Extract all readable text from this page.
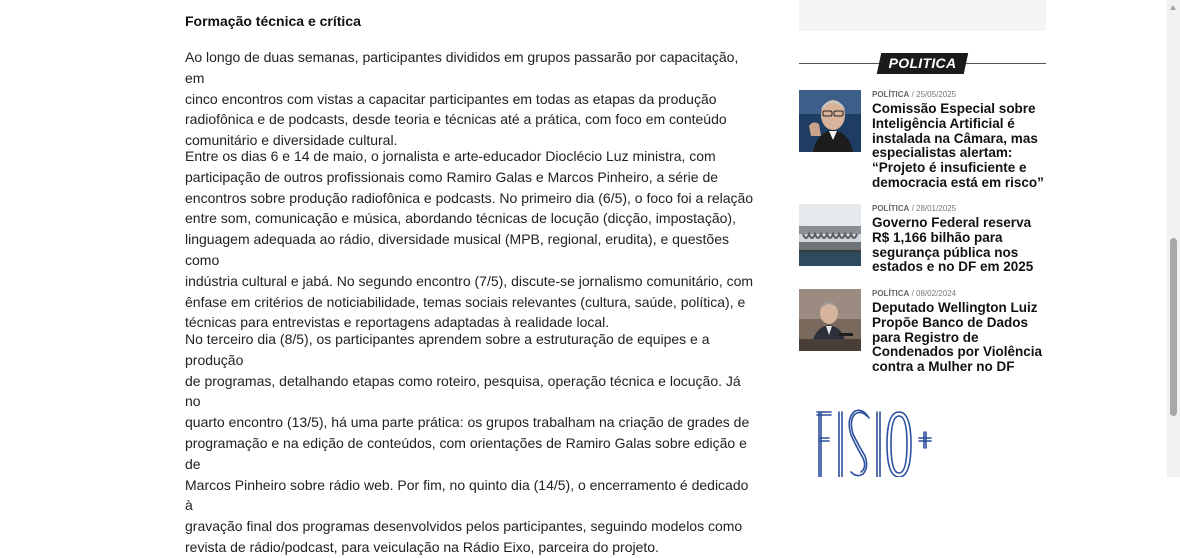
Formação técnica e crítica

Ao longo de duas semanas, participantes divididos em grupos passarão por capacitação, em
cinco encontros com vistas a capacitar participantes em todas as etapas da produção
radiofônica e de podcasts, desde teoria e técnicas até a prática, com foco em conteúdo
comunitário e diversidade cultural.

Entre os dias 6 e 14 de maio, o jornalista e arte-educador Dioclécio Luz ministra, com
participação de outros profissionais como Ramiro Galas e Marcos Pinheiro, a série de
encontros sobre produção radiofônica e podcasts. No primeiro dia (6/5), o foco foi a relação
entre som, comunicação e música, abordando técnicas de locução (dicção, impostação),
linguagem adequada ao rádio, diversidade musical (MPB, regional, erudita), e questões como
indústria cultural e jabá. No segundo encontro (7/5), discute-se jornalismo comunitário, com
ênfase em critérios de noticiabilidade, temas sociais relevantes (cultura, saúde, política), e
técnicas para entrevistas e reportagens adaptadas à realidade local.

No terceiro dia (8/5), os participantes aprendem sobre a estruturação de equipes e a produção
de programas, detalhando etapas como roteiro, pesquisa, operação técnica e locução. Já no
quarto encontro (13/5), há uma parte prática: os grupos trabalham na criação de grades de
programação e na edição de conteúdos, com orientações de Ramiro Galas sobre edição e de
Marcos Pinheiro sobre rádio web. Por fim, no quinto dia (14/5), o encerramento é dedicado à
gravação final dos programas desenvolvidos pelos participantes, seguindo modelos como
revista de rádio/podcast, para veiculação na Rádio Eixo, parceira do projeto.

POLITICA
POLÍTICA / 25/05/2025
Comissão Especial sobre Inteligência Artificial é instalada na Câmara, mas especialistas alertam: “Projeto é insuficiente e democracia está em risco”
POLÍTICA / 28/01/2025
Governo Federal reserva R$ 1,166 bilhão para segurança pública nos estados e no DF em 2025
POLÍTICA / 08/02/2024
Deputado Wellington Luiz Propõe Banco de Dados para Registro de Condenados por Violência contra a Mulher no DF
